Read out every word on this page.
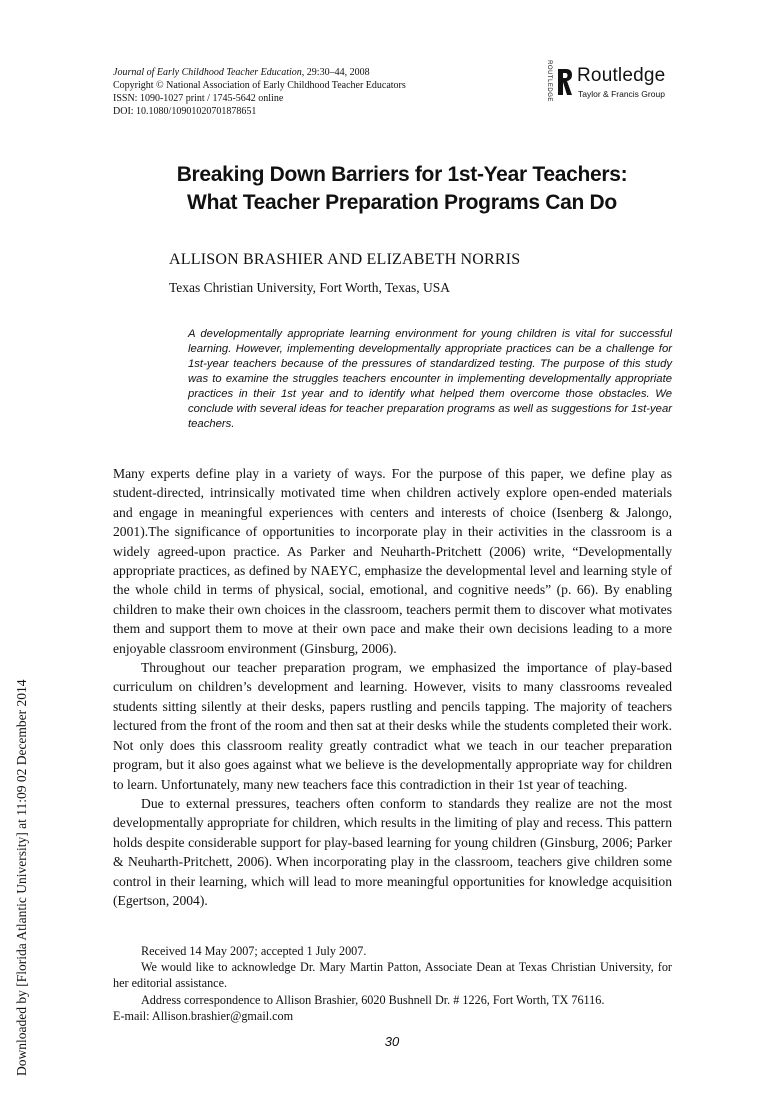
Journal of Early Childhood Teacher Education, 29:30–44, 2008
Copyright © National Association of Early Childhood Teacher Educators
ISSN: 1090-1027 print / 1745-5642 online
DOI: 10.1080/10901020701878651
ROUTLEDGE Routledge
Taylor & Francis Group
Downloaded by [Florida Atlantic University] at 11:09 02 December 2014
Breaking Down Barriers for 1st-Year Teachers:
What Teacher Preparation Programs Can Do
ALLISON BRASHIER AND ELIZABETH NORRIS
Texas Christian University, Fort Worth, Texas, USA
A developmentally appropriate learning environment for young children is vital for successful learning. However, implementing developmentally appropriate practices can be a challenge for 1st-year teachers because of the pressures of standardized testing. The purpose of this study was to examine the struggles teachers encounter in implementing developmentally appropriate practices in their 1st year and to identify what helped them overcome those obstacles. We conclude with several ideas for teacher preparation programs as well as suggestions for 1st-year teachers.

Many experts define play in a variety of ways. For the purpose of this paper, we define play as student-directed, intrinsically motivated time when children actively explore open-ended materials and engage in meaningful experiences with centers and interests of choice (Isenberg & Jalongo, 2001).The significance of opportunities to incorporate play in their activities in the classroom is a widely agreed-upon practice. As Parker and Neuharth-Pritchett (2006) write, “Developmentally appropriate practices, as defined by NAEYC, emphasize the developmental level and learning style of the whole child in terms of physical, social, emotional, and cognitive needs” (p. 66). By enabling children to make their own choices in the classroom, teachers permit them to discover what motivates them and support them to move at their own pace and make their own decisions leading to a more enjoyable classroom environment (Ginsburg, 2006).

Throughout our teacher preparation program, we emphasized the importance of play-based curriculum on children’s development and learning. However, visits to many classrooms revealed students sitting silently at their desks, papers rustling and pencils tapping. The majority of teachers lectured from the front of the room and then sat at their desks while the students completed their work. Not only does this classroom reality greatly contradict what we teach in our teacher preparation program, but it also goes against what we believe is the developmentally appropriate way for children to learn. Unfortunately, many new teachers face this contradiction in their 1st year of teaching.

Due to external pressures, teachers often conform to standards they realize are not the most developmentally appropriate for children, which results in the limiting of play and recess. This pattern holds despite considerable support for play-based learning for young children (Ginsburg, 2006; Parker & Neuharth-Pritchett, 2006). When incorporating play in the classroom, teachers give children some control in their learning, which will lead to more meaningful opportunities for knowledge acquisition (Egertson, 2004).

Received 14 May 2007; accepted 1 July 2007.

We would like to acknowledge Dr. Mary Martin Patton, Associate Dean at Texas Christian University, for her editorial assistance.

Address correspondence to Allison Brashier, 6020 Bushnell Dr. # 1226, Fort Worth, TX 76116.

E-mail: Allison.brashier@gmail.com

30
